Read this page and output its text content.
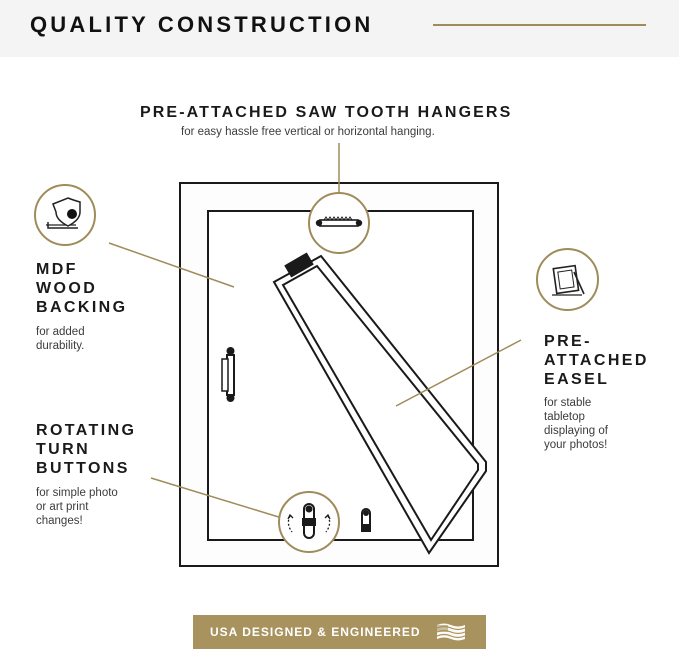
QUALITY CONSTRUCTION
PRE-ATTACHED SAW TOOTH HANGERS
for easy hassle free vertical or horizontal hanging.
MDF
WOOD
BACKING
for added
durability.
ROTATING
TURN
BUTTONS
for simple photo
or art print
changes!
PRE-
ATTACHED
EASEL
for stable
tabletop
displaying of
your photos!
USA DESIGNED & ENGINEERED
